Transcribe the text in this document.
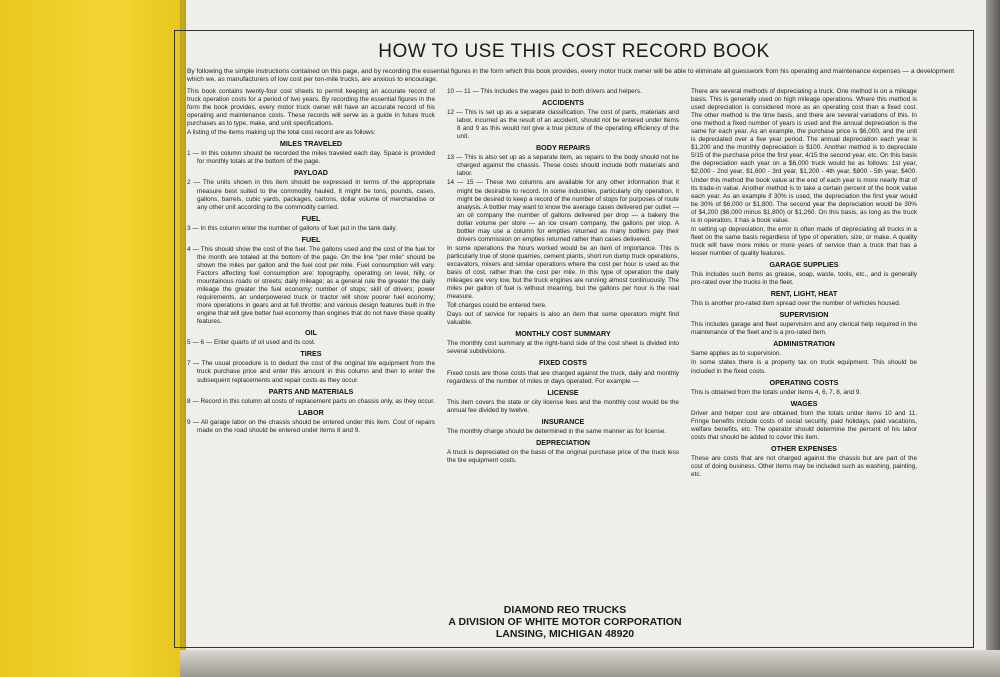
HOW TO USE THIS COST RECORD BOOK
By following the simple instructions contained on this page, and by recording the essential figures in the form which this book provides, every motor truck owner will be able to eliminate all guesswork from his operating and maintenance expenses — a development which we, as manufacturers of low cost per ton-mile trucks, are anxious to encourage.

This book contains twenty-four cost sheets to permit keeping an accurate record of truck operation costs for a period of two years. By recording the essential figures in the form the book provides, every motor truck owner will have an accurate record of his operating and maintenance costs. These records will serve as a guide in future truck purchases as to type, make, and unit specifications.

A listing of the items making up the total cost record are as follows:

MILES TRAVELED

1 — In this column should be recorded the miles traveled each day. Space is provided for monthly totals at the bottom of the page.

PAYLOAD

2 — The units shown in this item should be expressed in terms of the appropriate measure best suited to the commodity hauled. It might be tons, pounds, cases, gallons, barrels, cubic yards, packages, cartons, dollar volume of merchandise or any other unit according to the commodity carried.

FUEL

3 — In this column enter the number of gallons of fuel put in the tank daily.

FUEL

4 — This should show the cost of the fuel. The gallons used and the cost of the fuel for the month are totaled at the bottom of the page. On the line "per mile" should be shown the miles per gallon and the fuel cost per mile. Fuel consumption will vary. Factors affecting fuel consumption are: topography, operating on level, hilly, or mountainous roads or streets; daily mileage; as a general rule the greater the daily mileage the greater the fuel economy; number of stops; skill of drivers; power requirements, an underpowered truck or tractor will show poorer fuel economy; more operations in gears and at full throttle; and various design features built in the engine that will give better fuel economy than engines that do not have these quality features.

OIL

5 — 6 — Enter quarts of oil used and its cost.

TIRES

7 — The usual procedure is to deduct the cost of the original tire equipment from the truck purchase price and enter this amount in this column and then to enter the subsequent replacements and repair costs as they occur.

PARTS AND MATERIALS

8 — Record in this column all costs of replacement parts on chassis only, as they occur.

LABOR

9 — All garage labor on the chassis should be entered under this item. Cost of repairs made on the road should be entered under items 8 and 9.

10 — 11 — This includes the wages paid to both drivers and helpers.

ACCIDENTS

12 — This is set up as a separate classification. The cost of parts, materials and labor, incurred as the result of an accident, should not be entered under items 8 and 9 as this would not give a true picture of the operating efficiency of the unit.

BODY REPAIRS

13 — This is also set up as a separate item, as repairs to the body should not be charged against the chassis. These costs should include both materials and labor.

14 — 15 — These two columns are available for any other information that it might be desirable to record. In some industries, particularly city operation, it might be desired to keep a record of the number of stops for purposes of route analysis. A bottler may want to know the average cases delivered per outlet — an oil company the number of gallons delivered per drop — a bakery the dollar volume per store — an ice cream company, the gallons per stop. A bottler may use a column for empties returned as many bottlers pay their drivers commission on empties returned rather than cases delivered.

In some operations the hours worked would be an item of importance. This is particularly true of stone quarries, cement plants, short run dump truck operations, excavators, mixers and similar operations where the cost per hour is used as the basis of cost, rather than the cost per mile. In this type of operation the daily mileages are very low, but the truck engines are running almost continuously. The miles per gallon of fuel is without meaning, but the gallons per hour is the real measure.

Toll charges could be entered here.

Days out of service for repairs is also an item that some operators might find valuable.

MONTHLY COST SUMMARY

The monthly cost summary at the right-hand side of the cost sheet is divided into several subdivisions.

FIXED COSTS

Fixed costs are those costs that are charged against the truck, daily and monthly regardless of the number of miles or days operated. For example —

LICENSE

This item covers the state or city license fees and the monthly cost would be the annual fee divided by twelve.

INSURANCE

The monthly charge should be determined in the same manner as for license.

DEPRECIATION

A truck is depreciated on the basis of the original purchase price of the truck less the tire equipment costs.

There are several methods of depreciating a truck. One method is on a mileage basis. This is generally used on high mileage operations. Where this method is used depreciation is considered more as an operating cost than a fixed cost. The other method is the time basis, and there are several variations of this. In one method a fixed number of years is used and the annual depreciation is the same for each year. As an example, the purchase price is $6,000, and the unit is depreciated over a five year period. The annual depreciation each year is $1,200 and the monthly depreciation is $100. Another method is to depreciate 5/15 of the purchase price the first year, 4/15 the second year, etc. On this basis the depreciation each year on a $6,000 truck would be as follows: 1st year, $2,000 - 2nd year, $1,600 - 3rd year, $1,200 - 4th year, $800 - 5th year, $400. Under this method the book value at the end of each year is more nearly that of its trade-in value. Another method is to take a certain percent of the book value each year. As an example if 30% is used, the depreciation the first year would be 30% of $6,000 or $1,800. The second year the depreciation would be 30% of $4,200 ($6,000 minus $1,800) or $1,260. On this basis, as long as the truck is in operation, it has a book value.

In setting up depreciation, the error is often made of depreciating all trucks in a fleet on the same basis regardless of type of operation, size, or make. A quality truck will have more miles or more years of service than a truck that has a lesser number of quality features.

GARAGE SUPPLIES

This includes such items as grease, soap, waste, tools, etc., and is generally pro-rated over the trucks in the fleet.

RENT, LIGHT, HEAT

This is another pro-rated item spread over the number of vehicles housed.

SUPERVISION

This includes garage and fleet supervision and any clerical help required in the maintenance of the fleet and is a pro-rated item.

ADMINISTRATION

Same applies as to supervision.

In some states there is a property tax on truck equipment. This should be included in the fixed costs.

OPERATING COSTS

This is obtained from the totals under items 4, 6, 7, 8, and 9.

WAGES

Driver and helper cost are obtained from the totals under items 10 and 11. Fringe benefits include costs of social security, paid holidays, paid vacations, welfare benefits, etc. The operator should determine the percent of his labor costs that should be added to cover this item.

OTHER EXPENSES

These are costs that are not charged against the chassis but are part of the cost of doing business. Other items may be included such as washing, painting, etc.

DIAMOND REO TRUCKS
A DIVISION OF WHITE MOTOR CORPORATION
LANSING, MICHIGAN 48920
